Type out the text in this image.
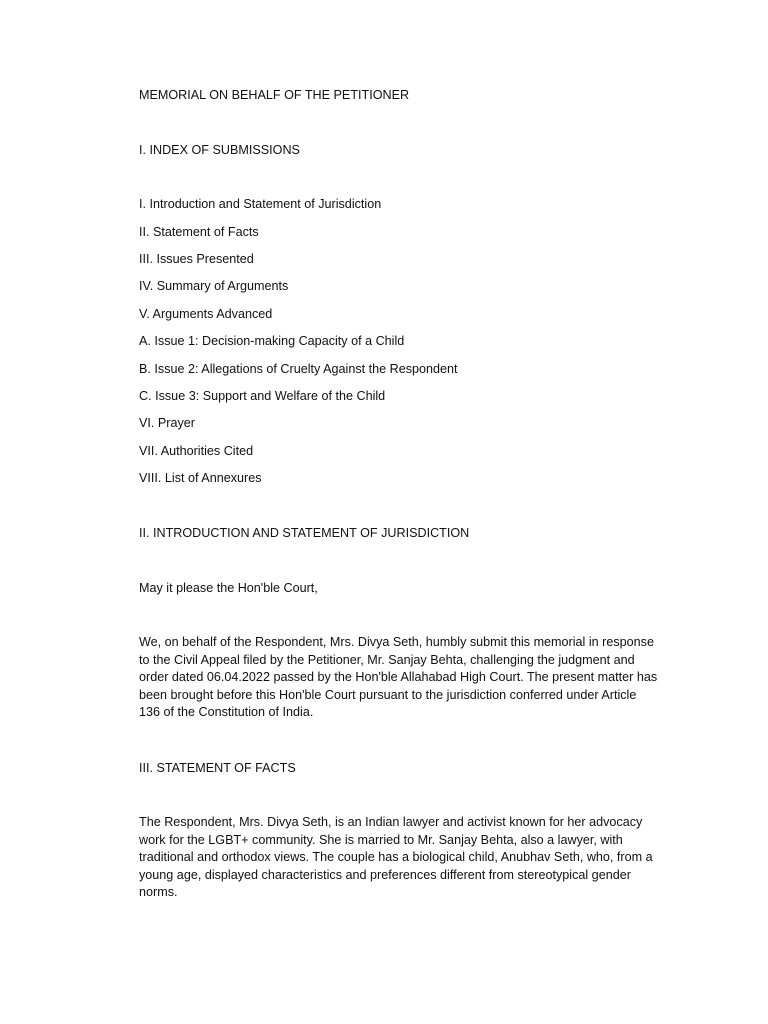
MEMORIAL ON BEHALF OF THE PETITIONER
I. INDEX OF SUBMISSIONS
I. Introduction and Statement of Jurisdiction
II. Statement of Facts
III. Issues Presented
IV. Summary of Arguments
V. Arguments Advanced
A. Issue 1: Decision-making Capacity of a Child
B. Issue 2: Allegations of Cruelty Against the Respondent
C. Issue 3: Support and Welfare of the Child
VI. Prayer
VII. Authorities Cited
VIII. List of Annexures
II. INTRODUCTION AND STATEMENT OF JURISDICTION
May it please the Hon'ble Court,
We, on behalf of the Respondent, Mrs. Divya Seth, humbly submit this memorial in response
to the Civil Appeal filed by the Petitioner, Mr. Sanjay Behta, challenging the judgment and
order dated 06.04.2022 passed by the Hon'ble Allahabad High Court. The present matter has
been brought before this Hon'ble Court pursuant to the jurisdiction conferred under Article
136 of the Constitution of India.
III. STATEMENT OF FACTS
The Respondent, Mrs. Divya Seth, is an Indian lawyer and activist known for her advocacy
work for the LGBT+ community. She is married to Mr. Sanjay Behta, also a lawyer, with
traditional and orthodox views. The couple has a biological child, Anubhav Seth, who, from a
young age, displayed characteristics and preferences different from stereotypical gender
norms.
